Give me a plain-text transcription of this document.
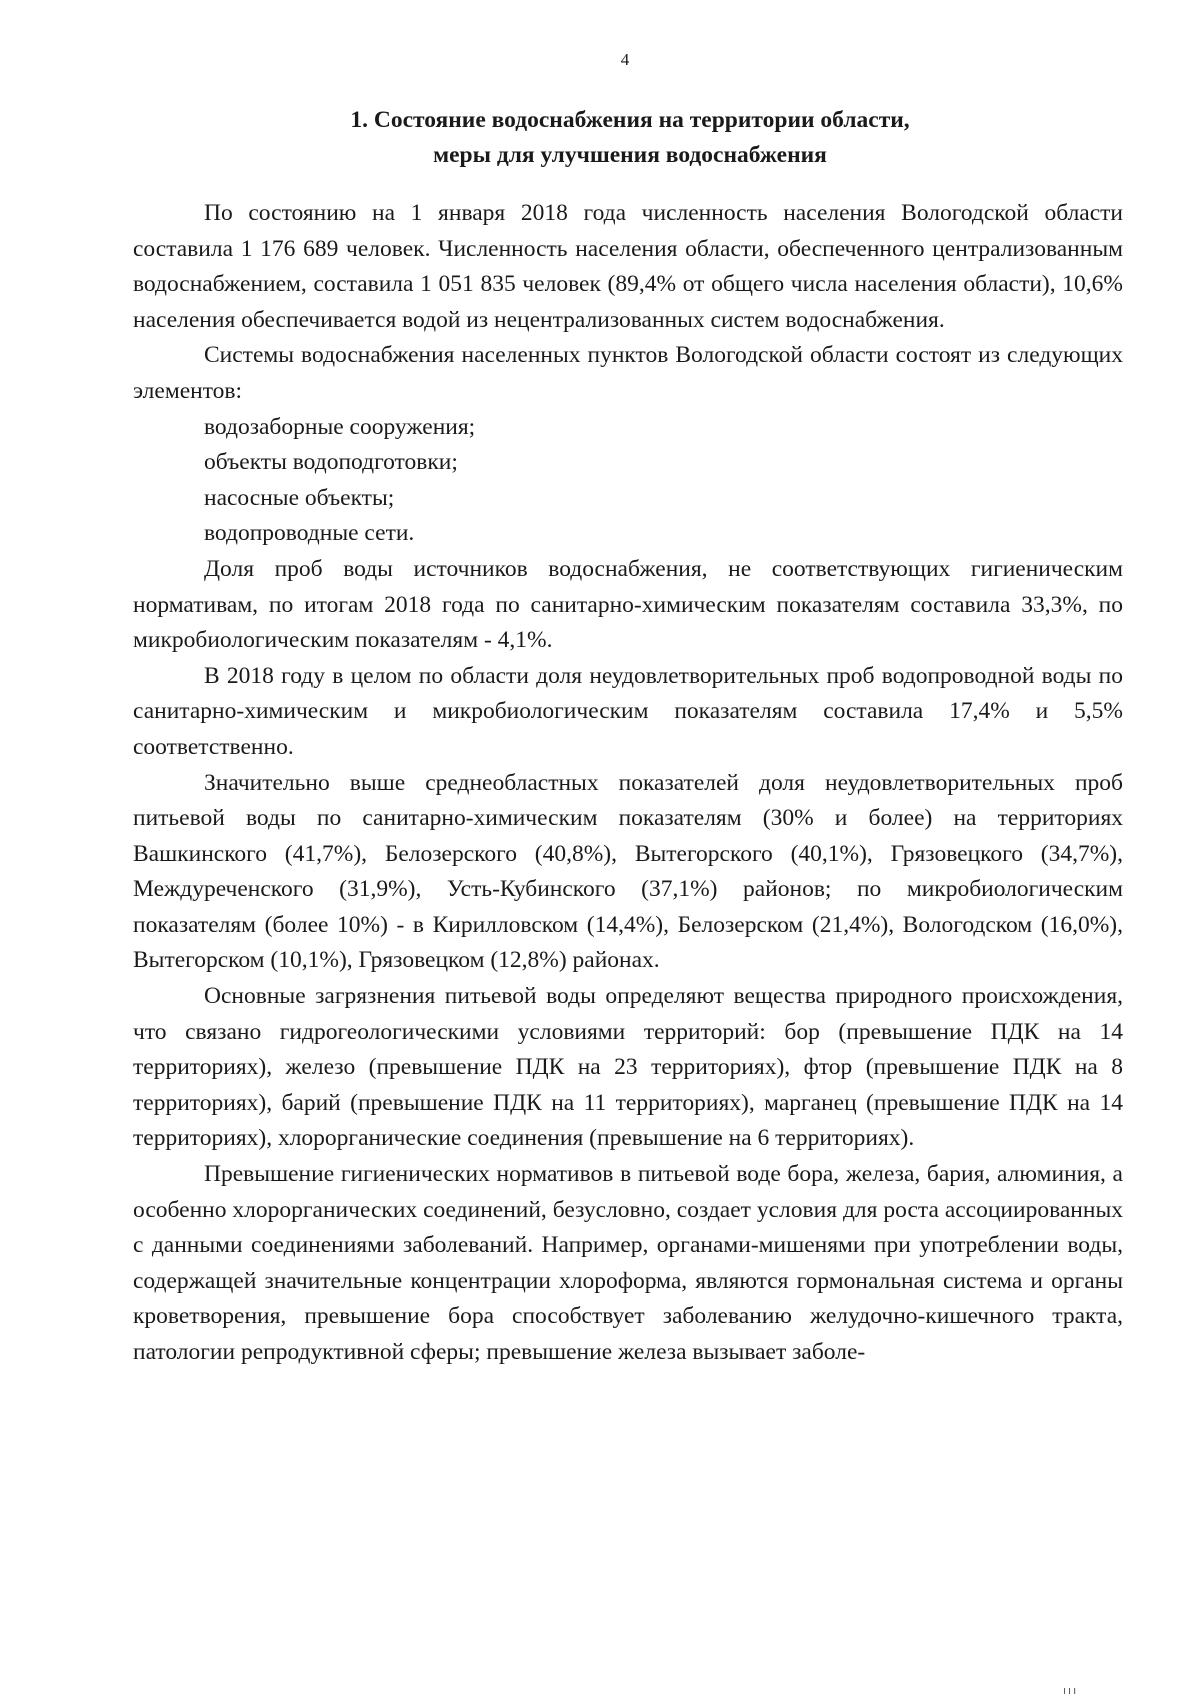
4
1. Состояние водоснабжения на территории области,
меры для улучшения водоснабжения

По состоянию на 1 января 2018 года численность населения Вологодской области составила 1 176 689 человек. Численность населения области, обеспеченного централизованным водоснабжением, составила 1 051 835 человек (89,4% от общего числа населения области), 10,6% населения обеспечивается водой из нецентрализованных систем водоснабжения.

Системы водоснабжения населенных пунктов Вологодской области состоят из следующих элементов:

водозаборные сооружения;
объекты водоподготовки;
насосные объекты;
водопроводные сети.

Доля проб воды источников водоснабжения, не соответствующих гигиеническим нормативам, по итогам 2018 года по санитарно-химическим показателям составила 33,3%, по микробиологическим показателям - 4,1%.

В 2018 году в целом по области доля неудовлетворительных проб водопроводной воды по санитарно-химическим и микробиологическим показателям составила 17,4% и 5,5% соответственно.

Значительно выше среднеобластных показателей доля неудовлетворительных проб питьевой воды по санитарно-химическим показателям (30% и более) на территориях Вашкинского (41,7%), Белозерского (40,8%), Вытегорского (40,1%), Грязовецкого (34,7%), Междуреченского (31,9%), Усть-Кубинского (37,1%) районов; по микробиологическим показателям (более 10%) - в Кирилловском (14,4%), Белозерском (21,4%), Вологодском (16,0%), Вытегорском (10,1%), Грязовецком (12,8%) районах.

Основные загрязнения питьевой воды определяют вещества природного происхождения, что связано гидрогеологическими условиями территорий: бор (превышение ПДК на 14 территориях), железо (превышение ПДК на 23 территориях), фтор (превышение ПДК на 8 территориях), барий (превышение ПДК на 11 территориях), марганец (превышение ПДК на 14 территориях), хлорорганические соединения (превышение на 6 территориях).

Превышение гигиенических нормативов в питьевой воде бора, железа, бария, алюминия, а особенно хлорорганических соединений, безусловно, создает условия для роста ассоциированных с данными соединениями заболеваний. Например, органами-мишенями при употреблении воды, содержащей значительные концентрации хлороформа, являются гормональная система и органы кроветворения, превышение бора способствует заболеванию желудочно-кишечного тракта, патологии репродуктивной сферы; превышение железа вызывает заболе-

ııı
